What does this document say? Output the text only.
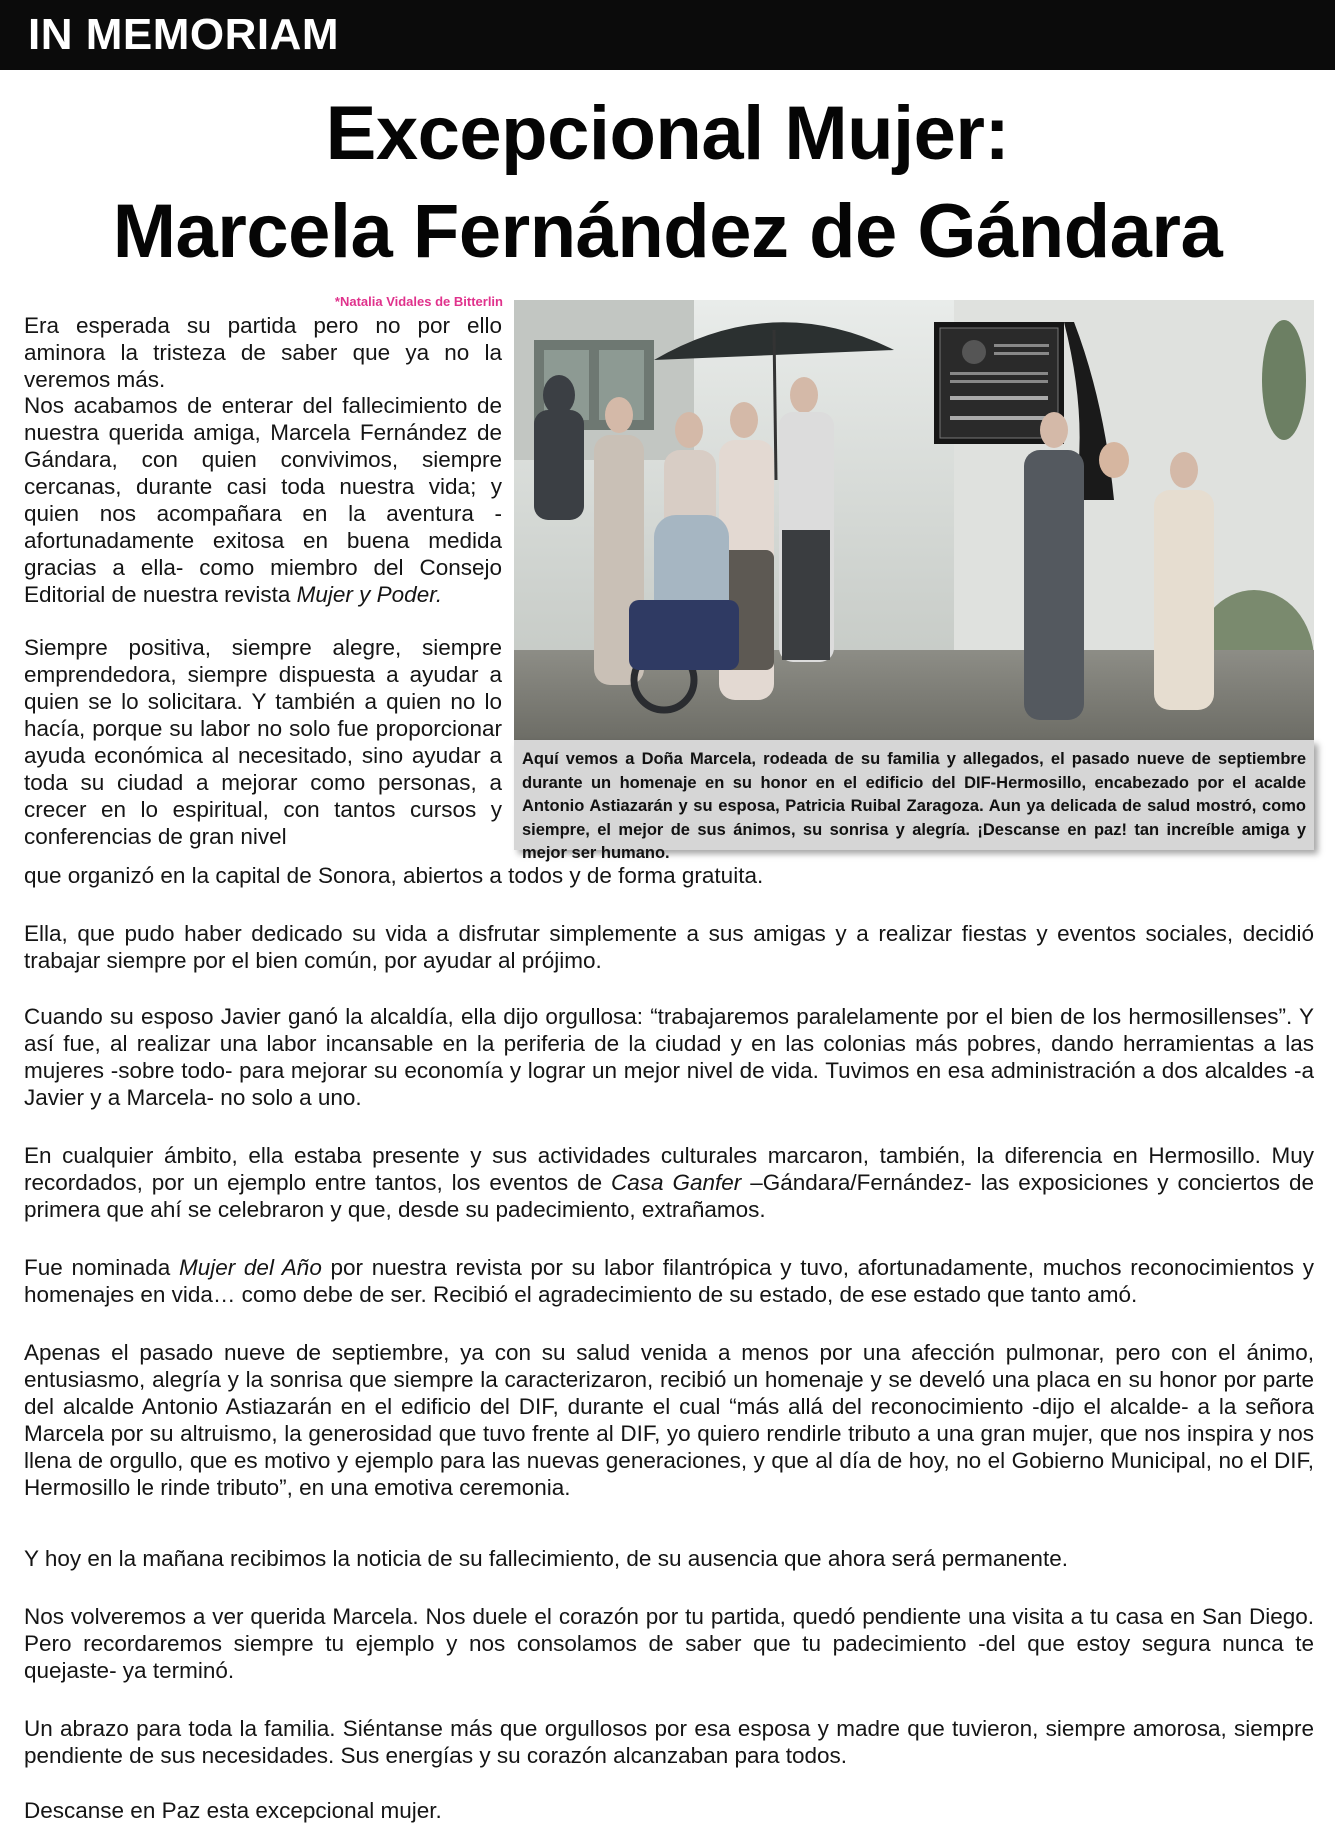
IN MEMORIAM
Excepcional Mujer:
Marcela Fernández de Gándara
*Natalia Vidales de Bitterlin

Era esperada su partida pero no por ello aminora la tristeza de saber que ya no la veremos más.

Nos acabamos de enterar del fallecimiento de nuestra querida amiga, Marcela Fernández de Gándara, con quien convivimos, siempre cercanas, durante casi toda nuestra vida; y quien nos acompañara en la aventura -afortunadamente exitosa en buena medida gracias a ella- como miembro del Consejo Editorial de nuestra revista Mujer y Poder.

Siempre positiva, siempre alegre, siempre emprendedora, siempre dispuesta a ayudar a quien se lo solicitara. Y también a quien no lo hacía, porque su labor no solo fue proporcionar ayuda económica al necesitado, sino ayudar a toda su ciudad a mejorar como personas, a crecer en lo espiritual, con tantos cursos y conferencias de gran nivel

que organizó en la capital de Sonora, abiertos a todos y de forma gratuita.

Aquí vemos a Doña Marcela, rodeada de su familia y allegados, el pasado nueve de septiembre durante un homenaje en su honor en el edificio del DIF-Hermosillo, encabezado por el acalde Antonio Astiazarán y su esposa, Patricia Ruibal Zaragoza. Aun ya delicada de salud mostró, como siempre, el mejor de sus ánimos, su sonrisa y alegría. ¡Descanse en paz! tan increíble amiga y mejor ser humano.

Ella, que pudo haber dedicado su vida a disfrutar simplemente a sus amigas y a realizar fiestas y eventos sociales, decidió trabajar siempre por el bien común, por ayudar al prójimo.

Cuando su esposo Javier ganó la alcaldía, ella dijo orgullosa: “trabajaremos paralelamente por el bien de los hermosillenses”. Y así fue, al realizar una labor incansable en la periferia de la ciudad y en las colonias más pobres, dando herramientas a las mujeres -sobre todo- para mejorar su economía y lograr un mejor nivel de vida. Tuvimos en esa administración a dos alcaldes -a Javier y a Marcela- no solo a uno.

En cualquier ámbito, ella estaba presente y sus actividades culturales marcaron, también, la diferencia en Hermosillo. Muy recordados, por un ejemplo entre tantos, los eventos de Casa Ganfer –Gándara/Fernández- las exposiciones y conciertos de primera que ahí se celebraron y que, desde su padecimiento, extrañamos.

Fue nominada Mujer del Año por nuestra revista por su labor filantrópica y tuvo, afortunadamente, muchos reconocimientos y homenajes en vida… como debe de ser. Recibió el agradecimiento de su estado, de ese estado que tanto amó.

Apenas el pasado nueve de septiembre, ya con su salud venida a menos por una afección pulmonar, pero con el ánimo, entusiasmo, alegría y la sonrisa que siempre la caracterizaron, recibió un homenaje y se develó una placa en su honor por parte del alcalde Antonio Astiazarán en el edificio del DIF, durante el cual “más allá del reconocimiento -dijo el alcalde- a la señora Marcela por su altruismo, la generosidad que tuvo frente al DIF, yo quiero rendirle tributo a una gran mujer, que nos inspira y nos llena de orgullo, que es motivo y ejemplo para las nuevas generaciones, y que al día de hoy, no el Gobierno Municipal, no el DIF, Hermosillo le rinde tributo”, en una emotiva ceremonia.

Y hoy en la mañana recibimos la noticia de su fallecimiento, de su ausencia que ahora será permanente.

Nos volveremos a ver querida Marcela. Nos duele el corazón por tu partida, quedó pendiente una visita a tu casa en San Diego. Pero recordaremos siempre tu ejemplo y nos consolamos de saber que tu padecimiento -del que estoy segura nunca te quejaste- ya terminó.

Un abrazo para toda la familia. Siéntanse más que orgullosos por esa esposa y madre que tuvieron, siempre amorosa, siempre pendiente de sus necesidades. Sus energías y su corazón alcanzaban para todos.

Descanse en Paz esta excepcional mujer.
